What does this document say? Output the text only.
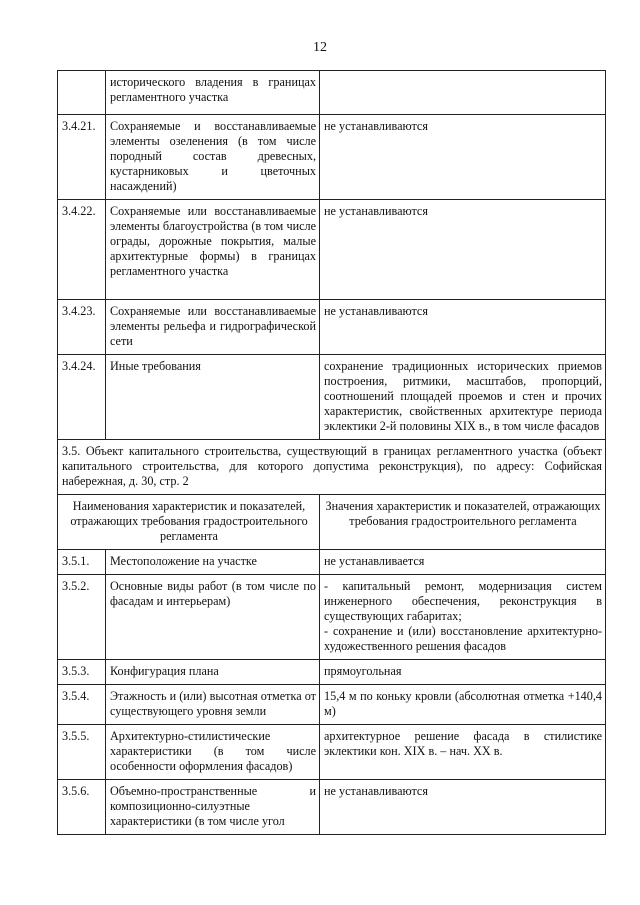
12
	исторического владения в границах регламентного участка	
3.4.21.	Сохраняемые и восстанавливаемые элементы озеленения (в том числе породный состав древесных, кустарниковых и цветочных насаждений)	не устанавливаются
3.4.22.	Сохраняемые или восстанавливаемые элементы благоустройства (в том числе ограды, дорожные покрытия, малые архитектурные формы) в границах регламентного участка	не устанавливаются
3.4.23.	Сохраняемые или восстанавливаемые элементы рельефа и гидрографической сети	не устанавливаются
3.4.24.	Иные требования	сохранение традиционных исторических приемов построения, ритмики, масштабов, пропорций, соотношений площадей проемов и стен и прочих характеристик, свойственных архитектуре периода эклектики 2-й половины XIX в., в том числе фасадов
3.5. Объект капитального строительства, существующий в границах регламентного участка (объект капитального строительства, для которого допустима реконструкция), по адресу: Софийская набережная, д. 30, стр. 2		
Наименования характеристик и показателей, отражающих требования градостроительного регламента		Значения характеристик и показателей, отражающих требования градостроительного регламента
3.5.1.	Местоположение на участке	не устанавливается
3.5.2.	Основные виды работ (в том числе по фасадам и интерьерам)	- капитальный ремонт, модернизация систем инженерного обеспечения, реконструкция в существующих габаритах;
- сохранение и (или) восстановление архитектурно-художественного решения фасадов

3.5.3.	Конфигурация плана	прямоугольная
3.5.4.	Этажность и (или) высотная отметка от существующего уровня земли	15,4 м по коньку кровли (абсолютная отметка +140,4 м)
3.5.5.	Архитектурно-стилистические характеристики (в том числе особенности оформления фасадов)	архитектурное решение фасада в стилистике эклектики кон. XIX в. – нач. XX в.
3.5.6.	Объемно-пространственные и композиционно-силуэтные характеристики (в том числе угол	не устанавливаются
